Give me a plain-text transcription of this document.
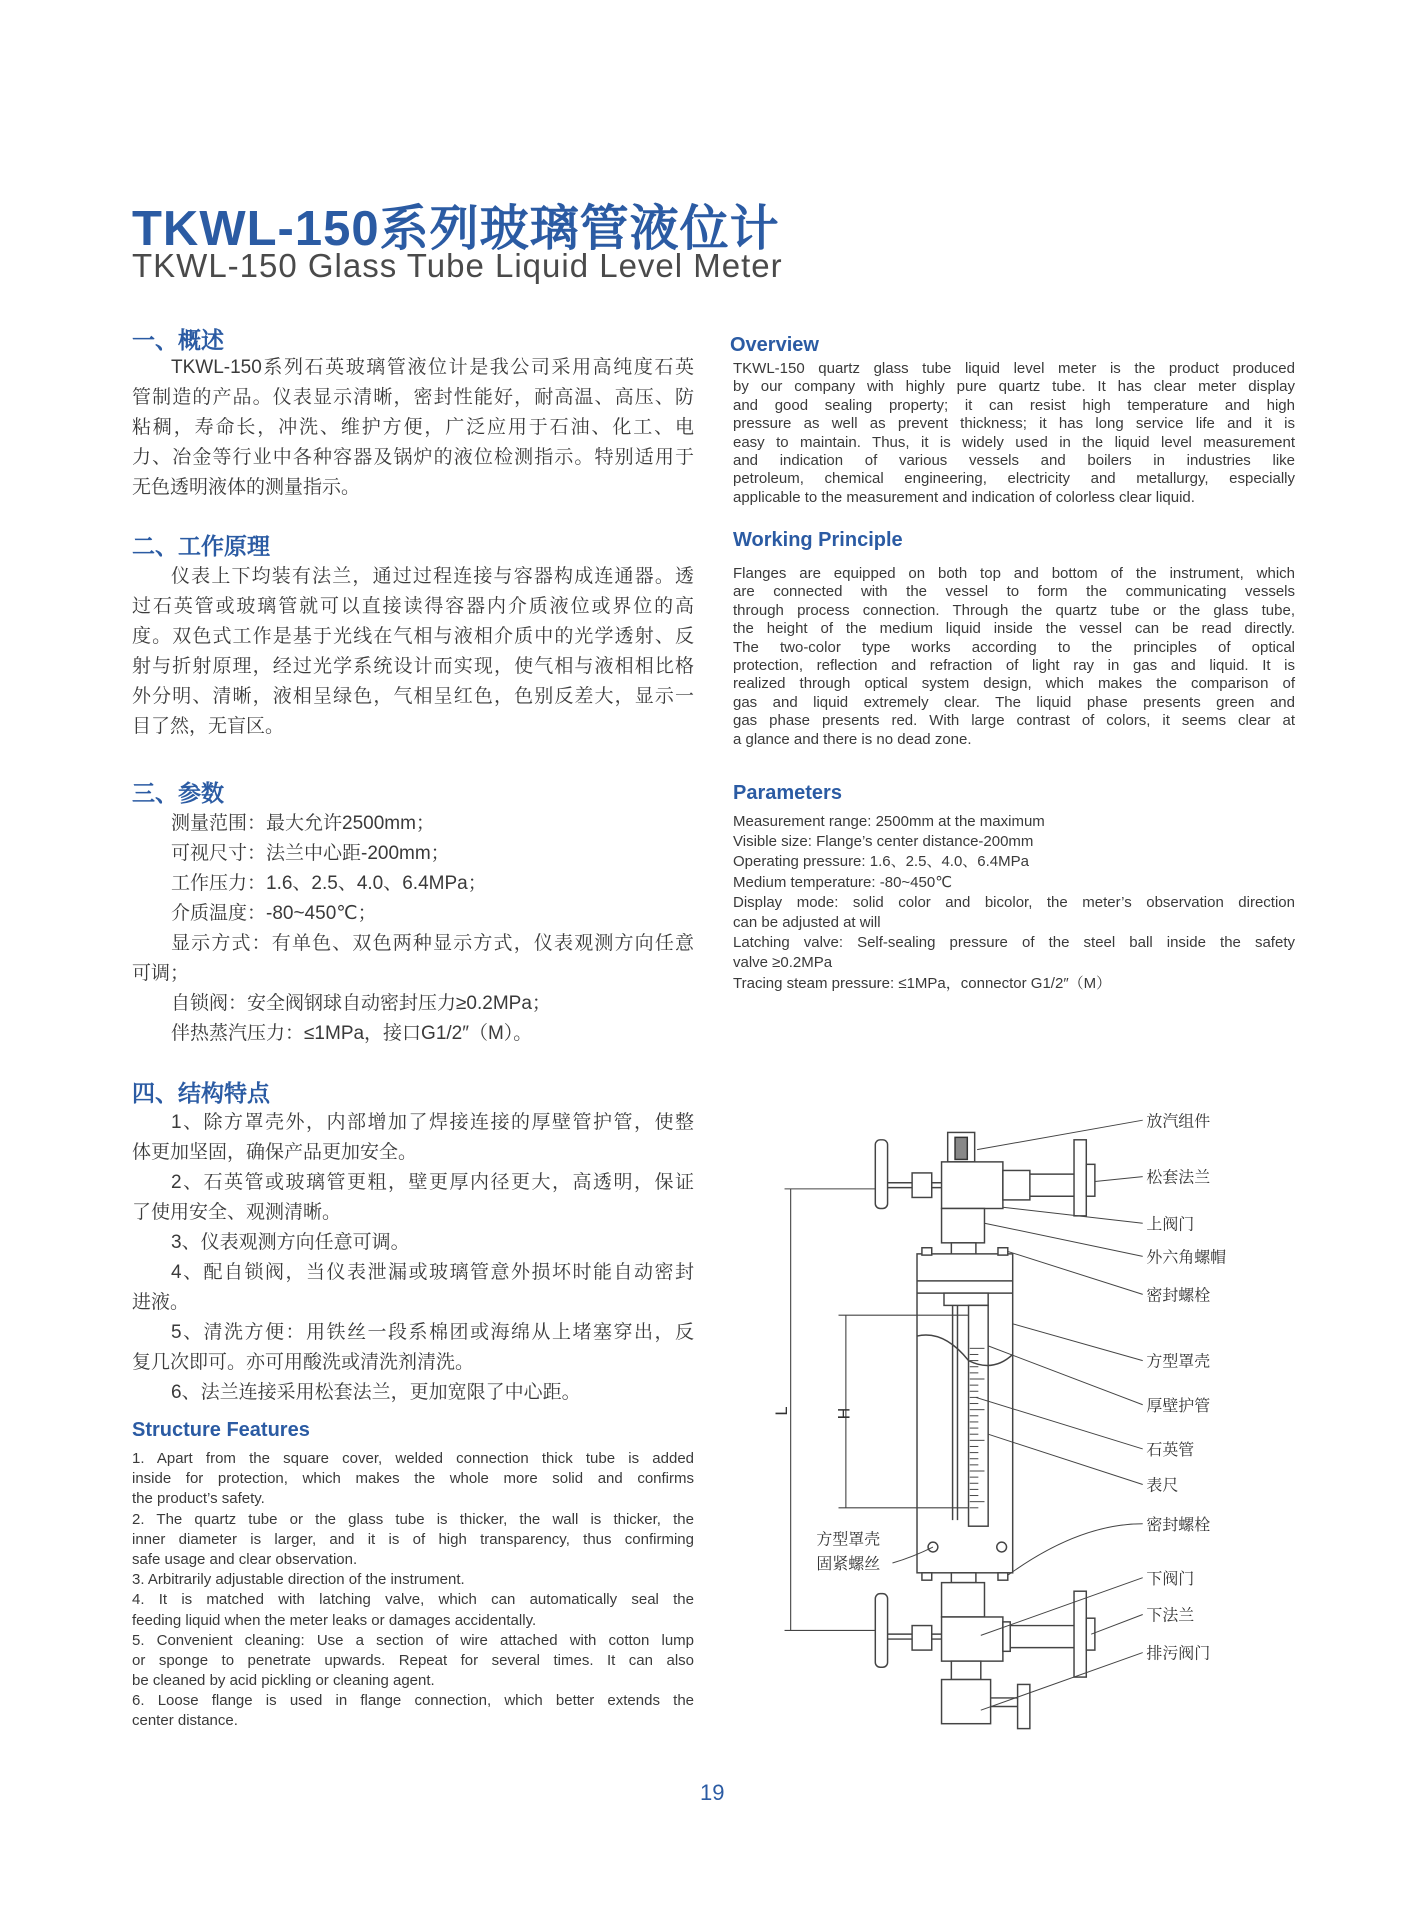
TKWL-150系列玻璃管液位计
TKWL-150 Glass Tube Liquid Level Meter
一、概述
TKWL-150系列石英玻璃管液位计是我公司采用高纯度石英
管制造的产品。仪表显示清晰，密封性能好，耐高温、高压、防
粘稠，寿命长，冲洗、维护方便，广泛应用于石油、化工、电
力、冶金等行业中各种容器及锅炉的液位检测指示。特别适用于
无色透明液体的测量指示。
二、工作原理
仪表上下均装有法兰，通过过程连接与容器构成连通器。透
过石英管或玻璃管就可以直接读得容器内介质液位或界位的高
度。双色式工作是基于光线在气相与液相介质中的光学透射、反
射与折射原理，经过光学系统设计而实现，使气相与液相相比格
外分明、清晰，液相呈绿色，气相呈红色，色别反差大，显示一
目了然，无盲区。
三、参数
测量范围：最大允许2500mm；
可视尺寸：法兰中心距-200mm；
工作压力：1.6、2.5、4.0、6.4MPa；
介质温度：-80~450℃；
显示方式：有单色、双色两种显示方式，仪表观测方向任意
可调；
自锁阀：安全阀钢球自动密封压力≥0.2MPa；
伴热蒸汽压力：≤1MPa，接口G1/2″（M）。
四、结构特点
1、除方罩壳外，内部增加了焊接连接的厚壁管护管，使整
体更加坚固，确保产品更加安全。
2、石英管或玻璃管更粗，壁更厚内径更大，高透明，保证
了使用安全、观测清晰。
3、仪表观测方向任意可调。
4、配自锁阀，当仪表泄漏或玻璃管意外损坏时能自动密封
进液。
5、清洗方便：用铁丝一段系棉团或海绵从上堵塞穿出，反
复几次即可。亦可用酸洗或清洗剂清洗。
6、法兰连接采用松套法兰，更加宽限了中心距。
Structure Features
1. Apart from the square cover, welded connection thick tube is added
inside for protection, which makes the whole more solid and confirms
the product’s safety.
2. The quartz tube or the glass tube is thicker, the wall is thicker, the
inner diameter is larger, and it is of high transparency, thus confirming
safe usage and clear observation.
3. Arbitrarily adjustable direction of the instrument.
4. It is matched with latching valve, which can automatically seal the
feeding liquid when the meter leaks or damages accidentally.
5. Convenient cleaning: Use a section of wire attached with cotton lump
or sponge to penetrate upwards. Repeat for several times. It can also
be cleaned by acid pickling or cleaning agent.
6. Loose flange is used in flange connection, which better extends the
center distance.
Overview
TKWL-150 quartz glass tube liquid level meter is the product produced
by our company with highly pure quartz tube. It has clear meter display
and good sealing property; it can resist high temperature and high
pressure as well as prevent thickness; it has long service life and it is
easy to maintain. Thus, it is widely used in the liquid level measurement
and indication of various vessels and boilers in industries like
petroleum, chemical engineering, electricity and metallurgy, especially
applicable to the measurement and indication of colorless clear liquid.
Working Principle
Flanges are equipped on both top and bottom of the instrument, which
are connected with the vessel to form the communicating vessels
through process connection. Through the quartz tube or the glass tube,
the height of the medium liquid inside the vessel can be read directly.
The two-color type works according to the principles of optical
protection, reflection and refraction of light ray in gas and liquid. It is
realized through optical system design, which makes the comparison of
gas and liquid extremely clear. The liquid phase presents green and
gas phase presents red. With large contrast of colors, it seems clear at
a glance and there is no dead zone.
Parameters
Measurement range: 2500mm at the maximum
Visible size: Flange’s center distance-200mm
Operating pressure: 1.6、2.5、4.0、6.4MPa
Medium temperature: -80~450℃
Display mode: solid color and bicolor, the meter’s observation direction
can be adjusted at will
Latching valve: Self-sealing pressure of the steel ball inside the safety
valve ≥0.2MPa
Tracing steam pressure: ≤1MPa，connector G1/2″（M）
L	H
放汽组件
松套法兰
上阀门
外六角螺帽
密封螺栓
方型罩壳
厚壁护管
石英管
表尺
密封螺栓
下阀门
下法兰
排污阀门
方型罩壳
固紧螺丝
19
